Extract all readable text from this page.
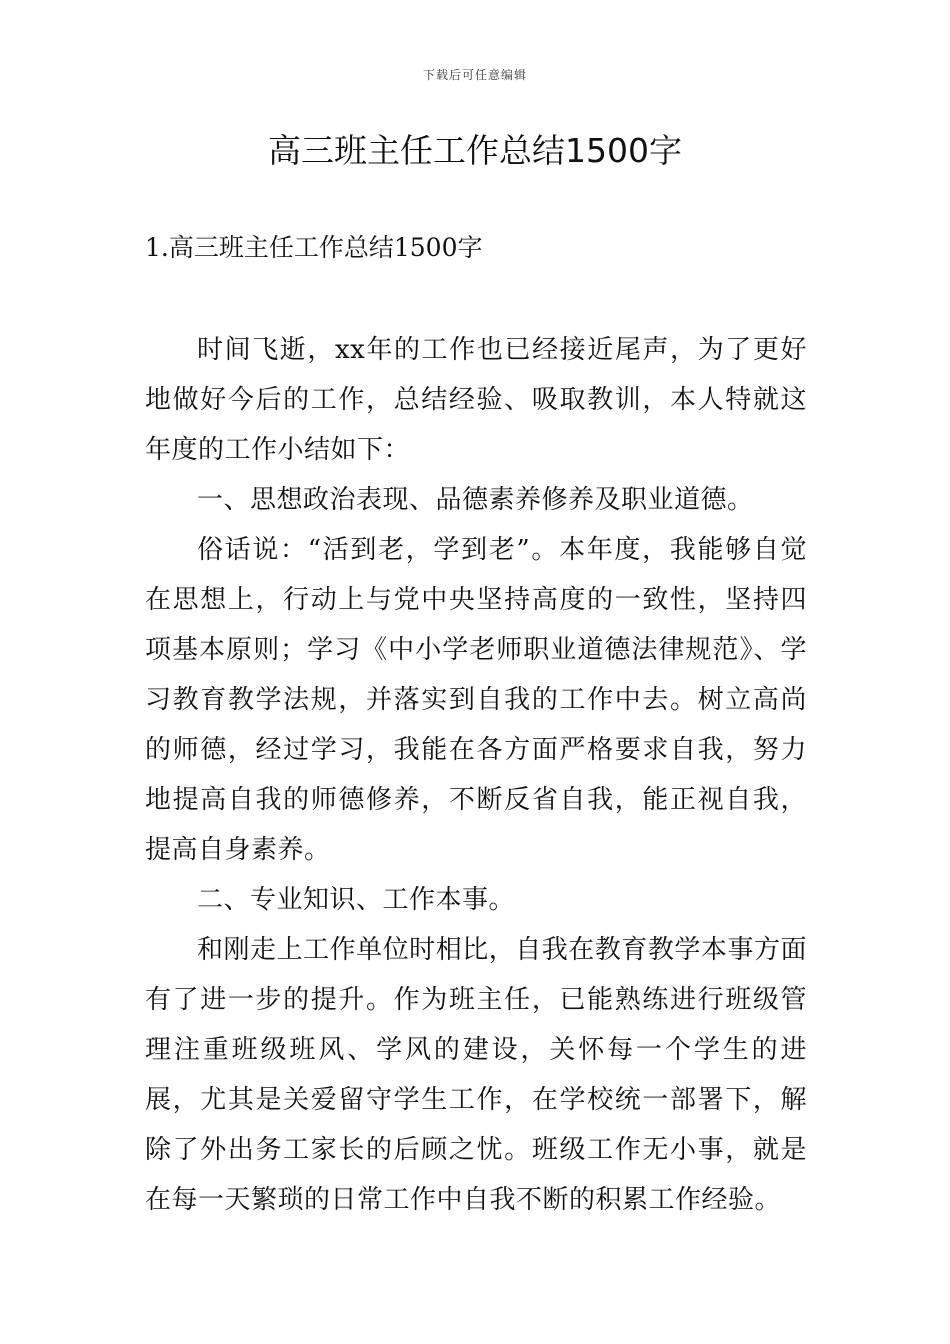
下载后可任意编辑
高三班主任工作总结1500字
1.高三班主任工作总结1500字

时间飞逝，xx年的工作也已经接近尾声，为了更好地做好今后的工作，总结经验、吸取教训，本人特就这年度的工作小结如下：

一、思想政治表现、品德素养修养及职业道德。

俗话说：“活到老，学到老”。本年度，我能够自觉在思想上，行动上与党中央坚持高度的一致性，坚持四项基本原则；学习《中小学老师职业道德法律规范》、学习教育教学法规，并落实到自我的工作中去。树立高尚的师德，经过学习，我能在各方面严格要求自我，努力地提高自我的师德修养，不断反省自我，能正视自我，提高自身素养。

二、专业知识、工作本事。

和刚走上工作单位时相比，自我在教育教学本事方面有了进一步的提升。作为班主任，已能熟练进行班级管理注重班级班风、学风的建设，关怀每一个学生的进展，尤其是关爱留守学生工作，在学校统一部署下，解除了外出务工家长的后顾之忧。班级工作无小事，就是在每一天繁琐的日常工作中自我不断的积累工作经验。
